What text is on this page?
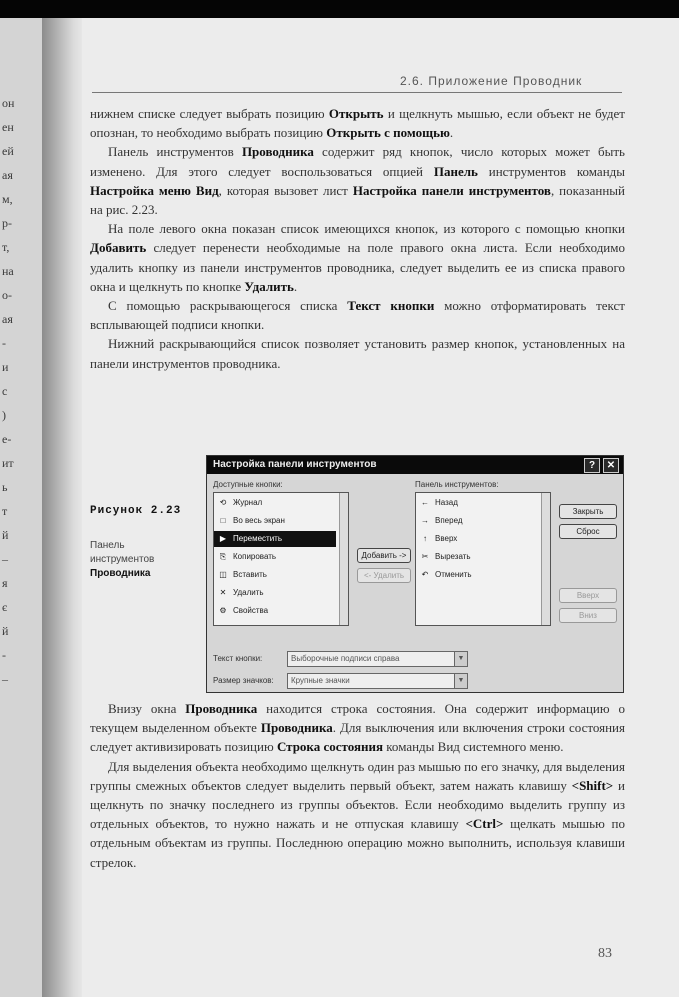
он
ен
ей
ая
м,
р-
т,
на
о-
ая
-
и
с
)
е-
ит
ь
т
й
–
я
є
й
-
–
2.6. Приложение Проводник

нижнем списке следует выбрать позицию Открыть и щелкнуть мышью, если объект не будет опознан, то необходимо выбрать позицию Открыть с помощью.

Панель инструментов Проводника содержит ряд кнопок, число которых может быть изменено. Для этого следует воспользоваться опцией Панель инструментов команды Настройка меню Вид, которая вызовет лист Настройка панели инструментов, показанный на рис. 2.23.

На поле левого окна показан список имеющихся кнопок, из которого с помощью кнопки Добавить следует перенести необходимые на поле правого окна листа. Если необходимо удалить кнопку из панели инструментов проводника, следует выделить ее из списка правого окна и щелкнуть по кнопке Удалить.

С помощью раскрывающегося списка Текст кнопки можно отформатировать текст всплывающей подписи кнопки.

Нижний раскрывающийся список позволяет установить размер кнопок, установленных на панели инструментов проводника.

Рисунок 2.23
Панель инструментов
Проводника
Настройка панели инструментов	?	✕
Доступные кнопки:
⟲ Журнал
□ Во весь экран
▶ Переместить
⎘ Копировать
◫ Вставить
✕ Удалить
⚙ Свойства
Добавить ->
<- Удалить
Панель инструментов:
← Назад
→ Вперед
↑ Вверх
✂ Вырезать
↶ Отменить
Закрыть
Сброс
Вверх
Вниз
Текст кнопки:	Выборочные подписи справа	▼
Размер значков:	Крупные значки	▼

Внизу окна Проводника находится строка состояния. Она содержит информацию о текущем выделенном объекте Проводника. Для выключения или включения строки состояния следует активизировать позицию Строка состояния команды Вид системного меню.

Для выделения объекта необходимо щелкнуть один раз мышью по его значку, для выделения группы смежных объектов следует выделить первый объект, затем нажать клавишу <Shift> и щелкнуть по значку последнего из группы объектов. Если необходимо выделить группу из отдельных объектов, то нужно нажать и не отпуская клавишу <Ctrl> щелкать мышью по отдельным объектам из группы. Последнюю операцию можно выполнить, используя клавиши стрелок.

83
